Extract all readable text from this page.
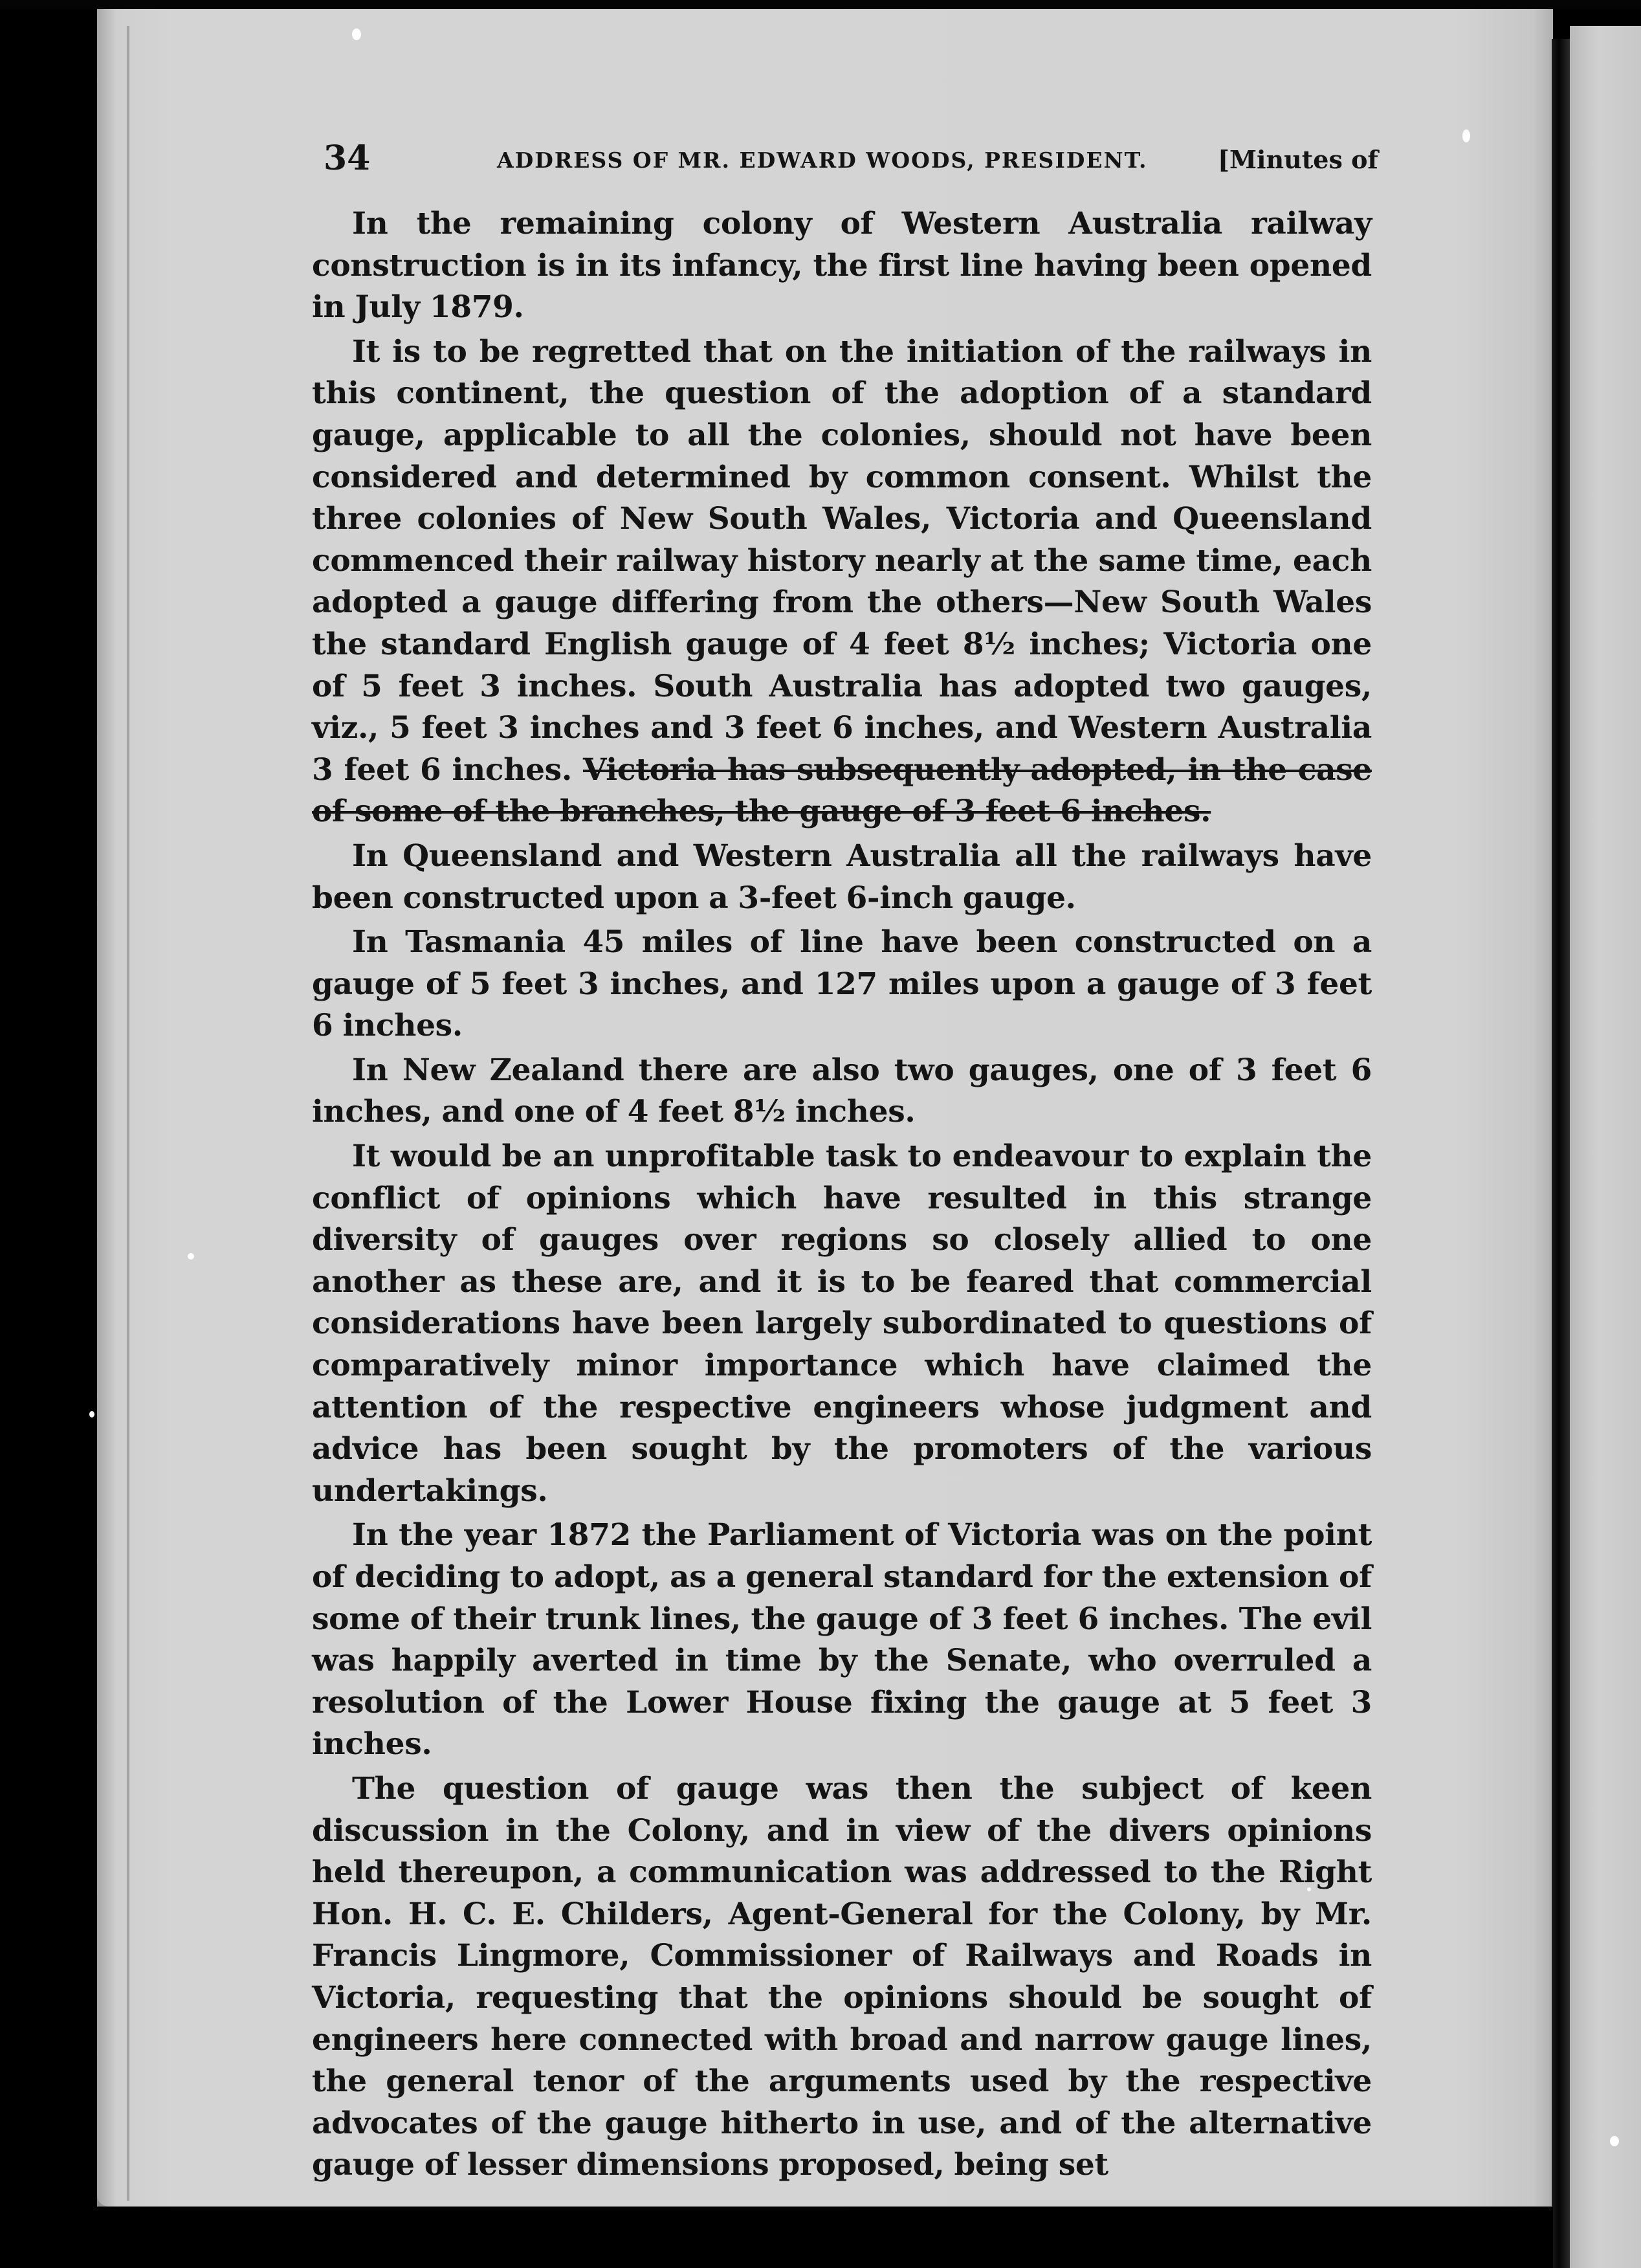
34	ADDRESS OF MR. EDWARD WOODS, PRESIDENT.	[Minutes of

In the remaining colony of Western Australia railway construction is in its infancy, the first line having been opened in July 1879.

It is to be regretted that on the initiation of the railways in this continent, the question of the adoption of a standard gauge, applicable to all the colonies, should not have been considered and determined by common consent. Whilst the three colonies of New South Wales, Victoria and Queensland commenced their railway history nearly at the same time, each adopted a gauge differing from the others—New South Wales the standard English gauge of 4 feet 8½ inches; Victoria one of 5 feet 3 inches. South Australia has adopted two gauges, viz., 5 feet 3 inches and 3 feet 6 inches, and Western Australia 3 feet 6 inches. Victoria has subsequently adopted, in the case of some of the branches, the gauge of 3 feet 6 inches.

In Queensland and Western Australia all the railways have been constructed upon a 3-feet 6-inch gauge.

In Tasmania 45 miles of line have been constructed on a gauge of 5 feet 3 inches, and 127 miles upon a gauge of 3 feet 6 inches.

In New Zealand there are also two gauges, one of 3 feet 6 inches, and one of 4 feet 8½ inches.

It would be an unprofitable task to endeavour to explain the conflict of opinions which have resulted in this strange diversity of gauges over regions so closely allied to one another as these are, and it is to be feared that commercial considerations have been largely subordinated to questions of comparatively minor importance which have claimed the attention of the respective engineers whose judgment and advice has been sought by the promoters of the various undertakings.

In the year 1872 the Parliament of Victoria was on the point of deciding to adopt, as a general standard for the extension of some of their trunk lines, the gauge of 3 feet 6 inches. The evil was happily averted in time by the Senate, who overruled a resolution of the Lower House fixing the gauge at 5 feet 3 inches.

The question of gauge was then the subject of keen discussion in the Colony, and in view of the divers opinions held thereupon, a communication was addressed to the Right Hon. H. C. E. Childers, Agent-General for the Colony, by Mr. Francis Lingmore, Commissioner of Railways and Roads in Victoria, requesting that the opinions should be sought of engineers here connected with broad and narrow gauge lines, the general tenor of the arguments used by the respective advocates of the gauge hitherto in use, and of the alternative gauge of lesser dimensions proposed, being set
